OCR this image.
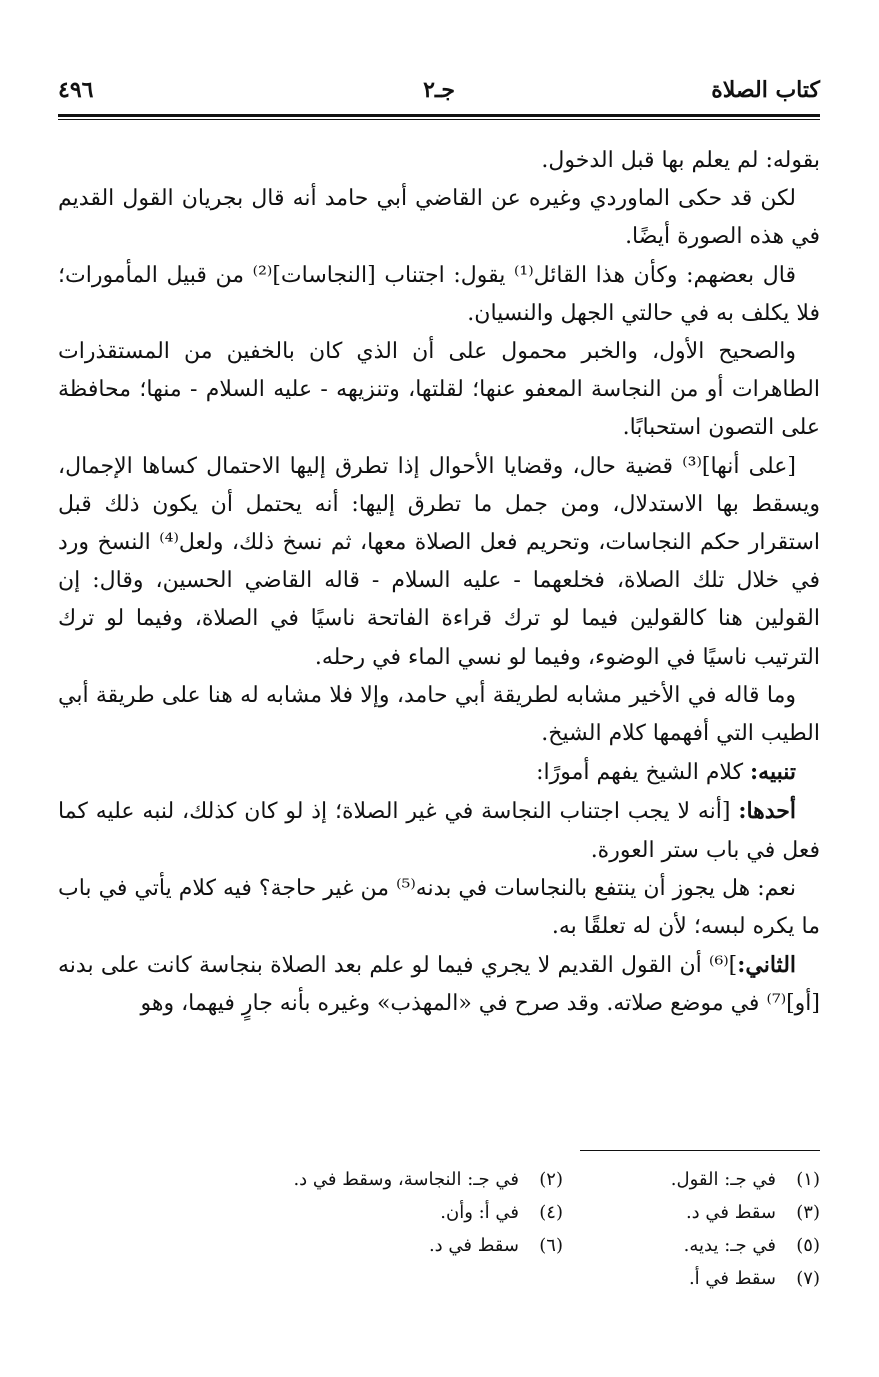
٤٩٦	جـ٢	كتاب الصلاة

بقوله: لم يعلم بها قبل الدخول.

لكن قد حكى الماوردي وغيره عن القاضي أبي حامد أنه قال بجريان القول القديم في هذه الصورة أيضًا.

قال بعضهم: وكأن هذا القائل⁽¹⁾ يقول: اجتناب [النجاسات]⁽²⁾ من قبيل المأمورات؛ فلا يكلف به في حالتي الجهل والنسيان.

والصحيح الأول، والخبر محمول على أن الذي كان بالخفين من المستقذرات الطاهرات أو من النجاسة المعفو عنها؛ لقلتها، وتنزيهه - عليه السلام - منها؛ محافظة على التصون استحبابًا.

[على أنها]⁽³⁾ قضية حال، وقضايا الأحوال إذا تطرق إليها الاحتمال كساها الإجمال، ويسقط بها الاستدلال، ومن جمل ما تطرق إليها: أنه يحتمل أن يكون ذلك قبل استقرار حكم النجاسات، وتحريم فعل الصلاة معها، ثم نسخ ذلك، ولعل⁽⁴⁾ النسخ ورد في خلال تلك الصلاة، فخلعهما - عليه السلام - قاله القاضي الحسين، وقال: إن القولين هنا كالقولين فيما لو ترك قراءة الفاتحة ناسيًا في الصلاة، وفيما لو ترك الترتيب ناسيًا في الوضوء، وفيما لو نسي الماء في رحله.

وما قاله في الأخير مشابه لطريقة أبي حامد، وإلا فلا مشابه له هنا على طريقة أبي الطيب التي أفهمها كلام الشيخ.

تنبيه: كلام الشيخ يفهم أمورًا:

أحدها: [أنه لا يجب اجتناب النجاسة في غير الصلاة؛ إذ لو كان كذلك، لنبه عليه كما فعل في باب ستر العورة.

نعم: هل يجوز أن ينتفع بالنجاسات في بدنه⁽⁵⁾ من غير حاجة؟ فيه كلام يأتي في باب ما يكره لبسه؛ لأن له تعلقًا به.

الثاني:]⁽⁶⁾ أن القول القديم لا يجري فيما لو علم بعد الصلاة بنجاسة كانت على بدنه [أو]⁽⁷⁾ في موضع صلاته. وقد صرح في «المهذب» وغيره بأنه جارٍ فيهما، وهو

(١)في جـ: القول.
(٢)في جـ: النجاسة، وسقط في د.
(٣)سقط في د.
(٤)في أ: وأن.
(٥)في جـ: يديه.
(٦)سقط في د.
(٧)سقط في أ.
